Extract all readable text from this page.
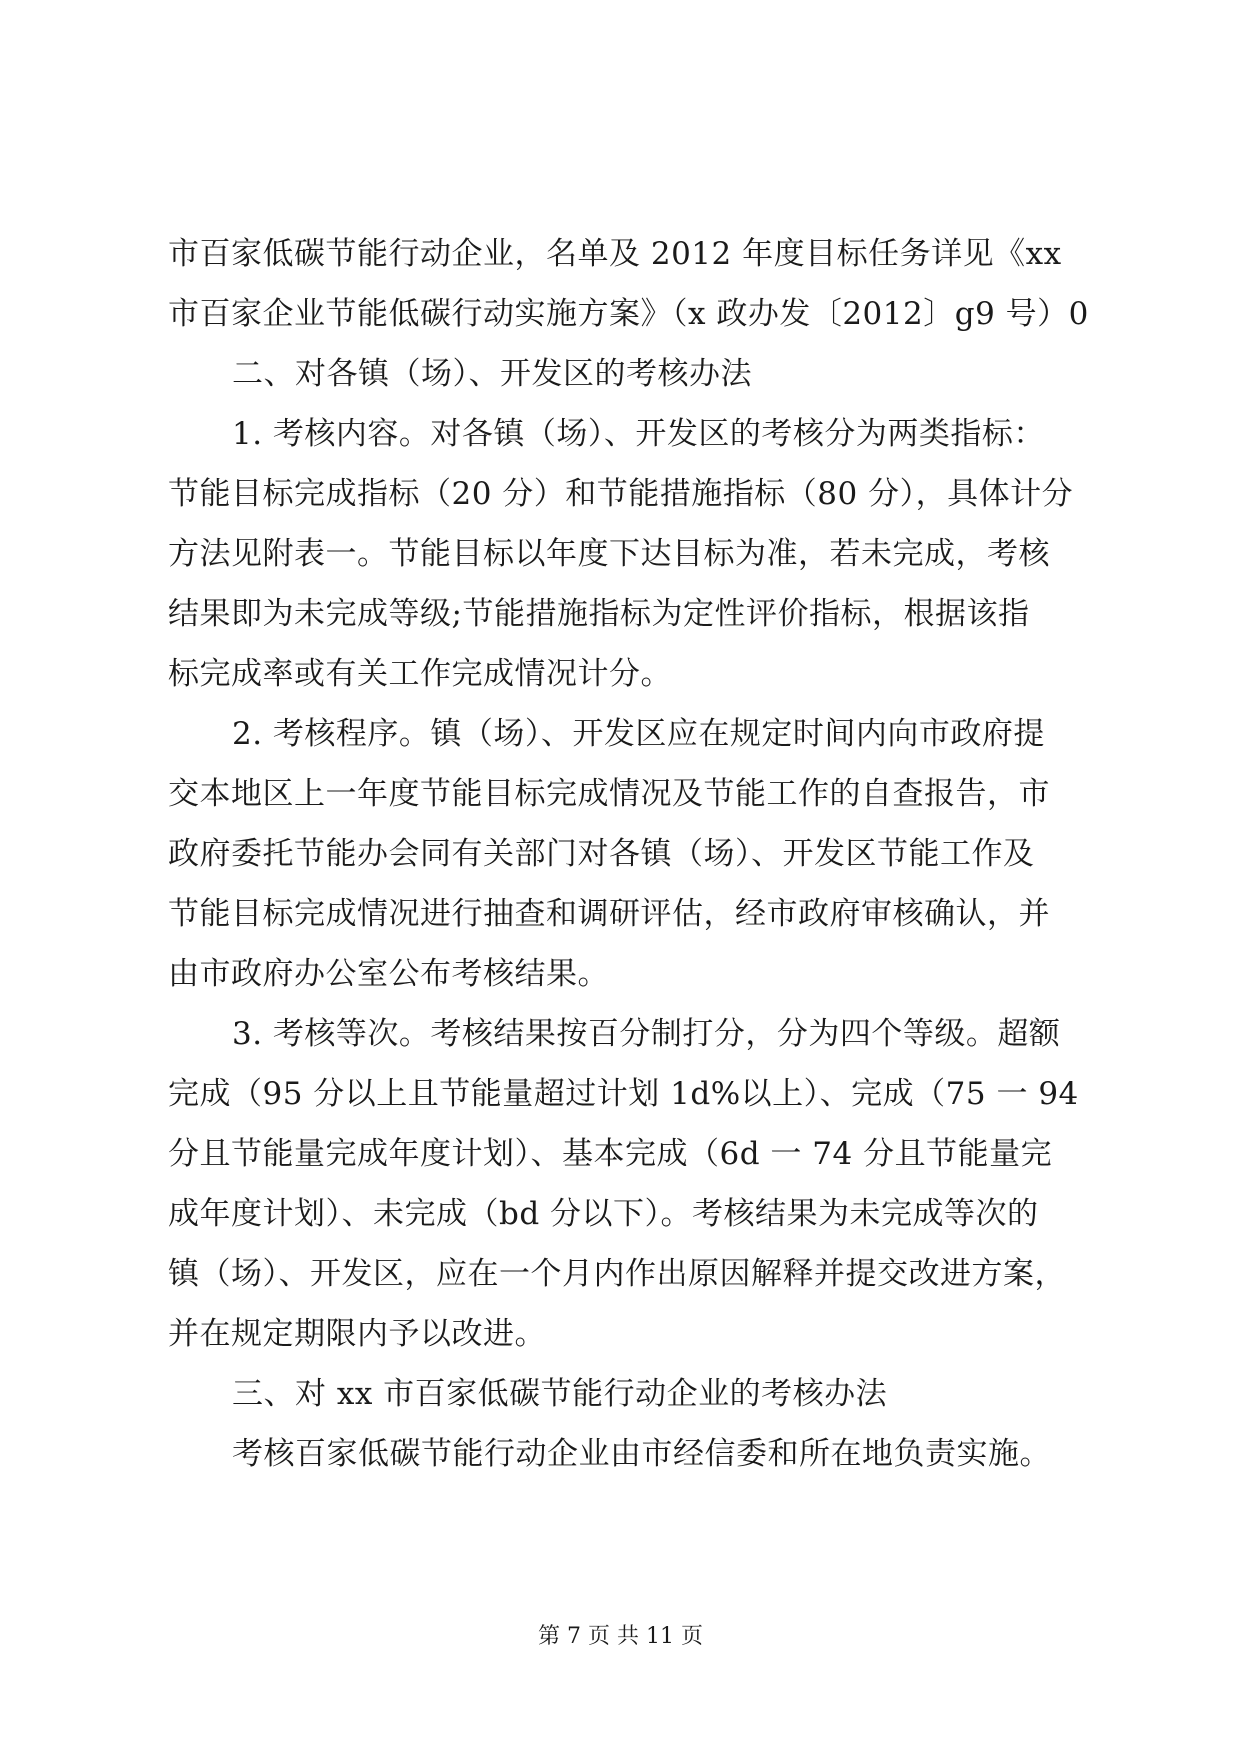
市百家低碳节能行动企业，名单及 2012 年度目标任务详见《xx
市百家企业节能低碳行动实施方案》（x 政办发〔2012〕g9 号）0
二、对各镇（场）、开发区的考核办法
1. 考核内容。对各镇（场）、开发区的考核分为两类指标：
节能目标完成指标（20 分）和节能措施指标（80 分），具体计分
方法见附表一。节能目标以年度下达目标为准，若未完成，考核
结果即为未完成等级;节能措施指标为定性评价指标，根据该指
标完成率或有关工作完成情况计分。
2. 考核程序。镇（场）、开发区应在规定时间内向市政府提
交本地区上一年度节能目标完成情况及节能工作的自查报告，市
政府委托节能办会同有关部门对各镇（场）、开发区节能工作及
节能目标完成情况进行抽查和调研评估，经市政府审核确认，并
由市政府办公室公布考核结果。
3. 考核等次。考核结果按百分制打分，分为四个等级。超额
完成（95 分以上且节能量超过计划 1d%以上）、完成（75 一 94
分且节能量完成年度计划）、基本完成（6d 一 74 分且节能量完
成年度计划）、未完成（bd 分以下）。考核结果为未完成等次的
镇（场）、开发区，应在一个月内作出原因解释并提交改进方案，
并在规定期限内予以改进。
三、对 xx 市百家低碳节能行动企业的考核办法
考核百家低碳节能行动企业由市经信委和所在地负责实施。
第 7 页 共 11 页
